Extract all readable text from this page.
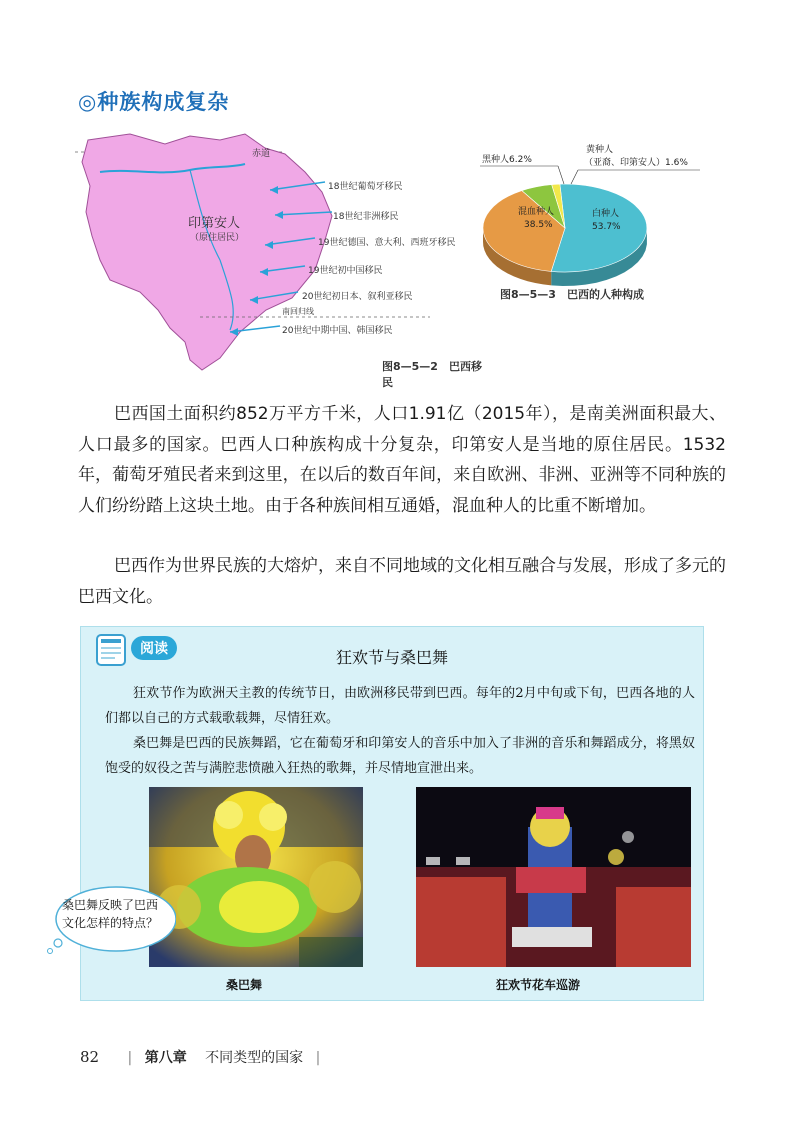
◎种族构成复杂
赤道
印第安人
（原住居民）
18世纪葡萄牙移民
18世纪非洲移民
19世纪德国、意大利、西班牙移民
19世纪初中国移民
20世纪初日本、叙利亚移民
南回归线
20世纪中期中国、韩国移民
图8—5—2　巴西移民
白种人
53.7%
混血种人
38.5%
黑种人6.2%
黄种人
（亚裔、印第安人）1.6%
图8—5—3　巴西的人种构成
巴西国土面积约852万平方千米，人口1.91亿（2015年），是南美洲面积最大、人口最多的国家。巴西人口种族构成十分复杂，印第安人是当地的原住居民。1532年，葡萄牙殖民者来到这里，在以后的数百年间，来自欧洲、非洲、亚洲等不同种族的人们纷纷踏上这块土地。由于各种族间相互通婚，混血种人的比重不断增加。
巴西作为世界民族的大熔炉，来自不同地域的文化相互融合与发展，形成了多元的巴西文化。
阅读	狂欢节与桑巴舞
狂欢节作为欧洲天主教的传统节日，由欧洲移民带到巴西。每年的2月中旬或下旬，巴西各地的人们都以自己的方式载歌载舞，尽情狂欢。
桑巴舞是巴西的民族舞蹈，它在葡萄牙和印第安人的音乐中加入了非洲的音乐和舞蹈成分，将黑奴饱受的奴役之苦与满腔悲愤融入狂热的歌舞，并尽情地宣泄出来。
桑巴舞	狂欢节花车巡游
桑巴舞反映了巴西文化怎样的特点？
82 | 第八章 不同类型的国家 |
